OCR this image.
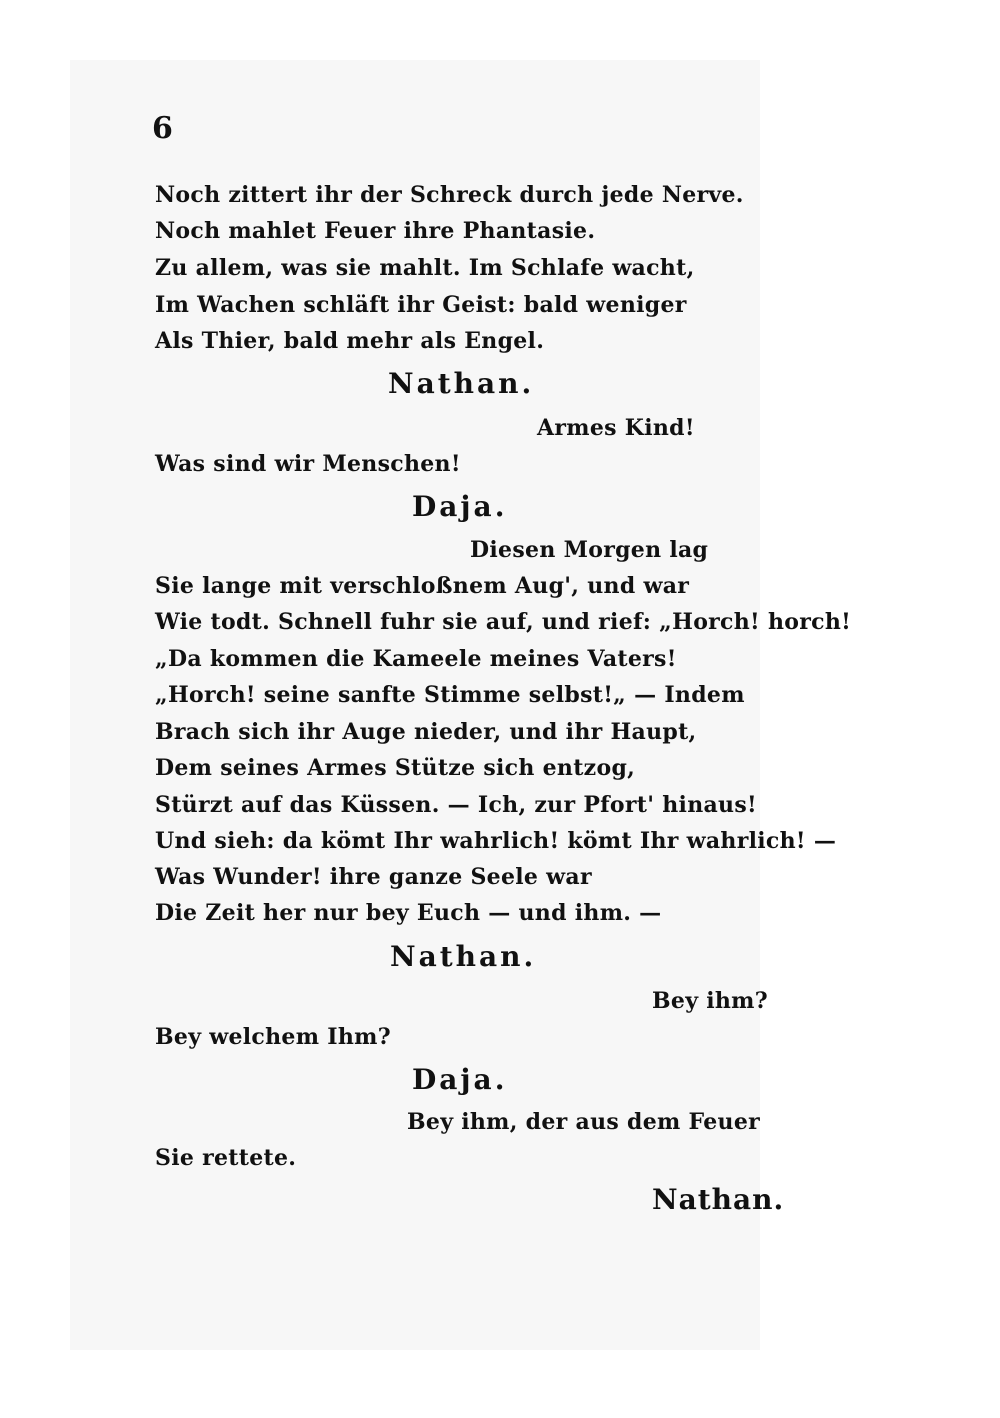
6
Noch zittert ihr der Schreck durch jede Nerve.
Noch mahlet Feuer ihre Phantasie.
Zu allem, was sie mahlt. Im Schlafe wacht,
Im Wachen schläft ihr Geist: bald weniger
Als Thier, bald mehr als Engel.
Nathan.
Armes Kind!
Was sind wir Menschen!
Daja.
Diesen Morgen lag
Sie lange mit verschloßnem Aug', und war
Wie todt. Schnell fuhr sie auf, und rief: „Horch! horch!
„Da kommen die Kameele meines Vaters!
„Horch! seine sanfte Stimme selbst!„ — Indem
Brach sich ihr Auge nieder, und ihr Haupt,
Dem seines Armes Stütze sich entzog,
Stürzt auf das Küssen. — Ich, zur Pfort' hinaus!
Und sieh: da kömt Ihr wahrlich! kömt Ihr wahrlich! —
Was Wunder! ihre ganze Seele war
Die Zeit her nur bey Euch — und ihm. —
Nathan.
Bey ihm?
Bey welchem Ihm?
Daja.
Bey ihm, der aus dem Feuer
Sie rettete.
Nathan.
